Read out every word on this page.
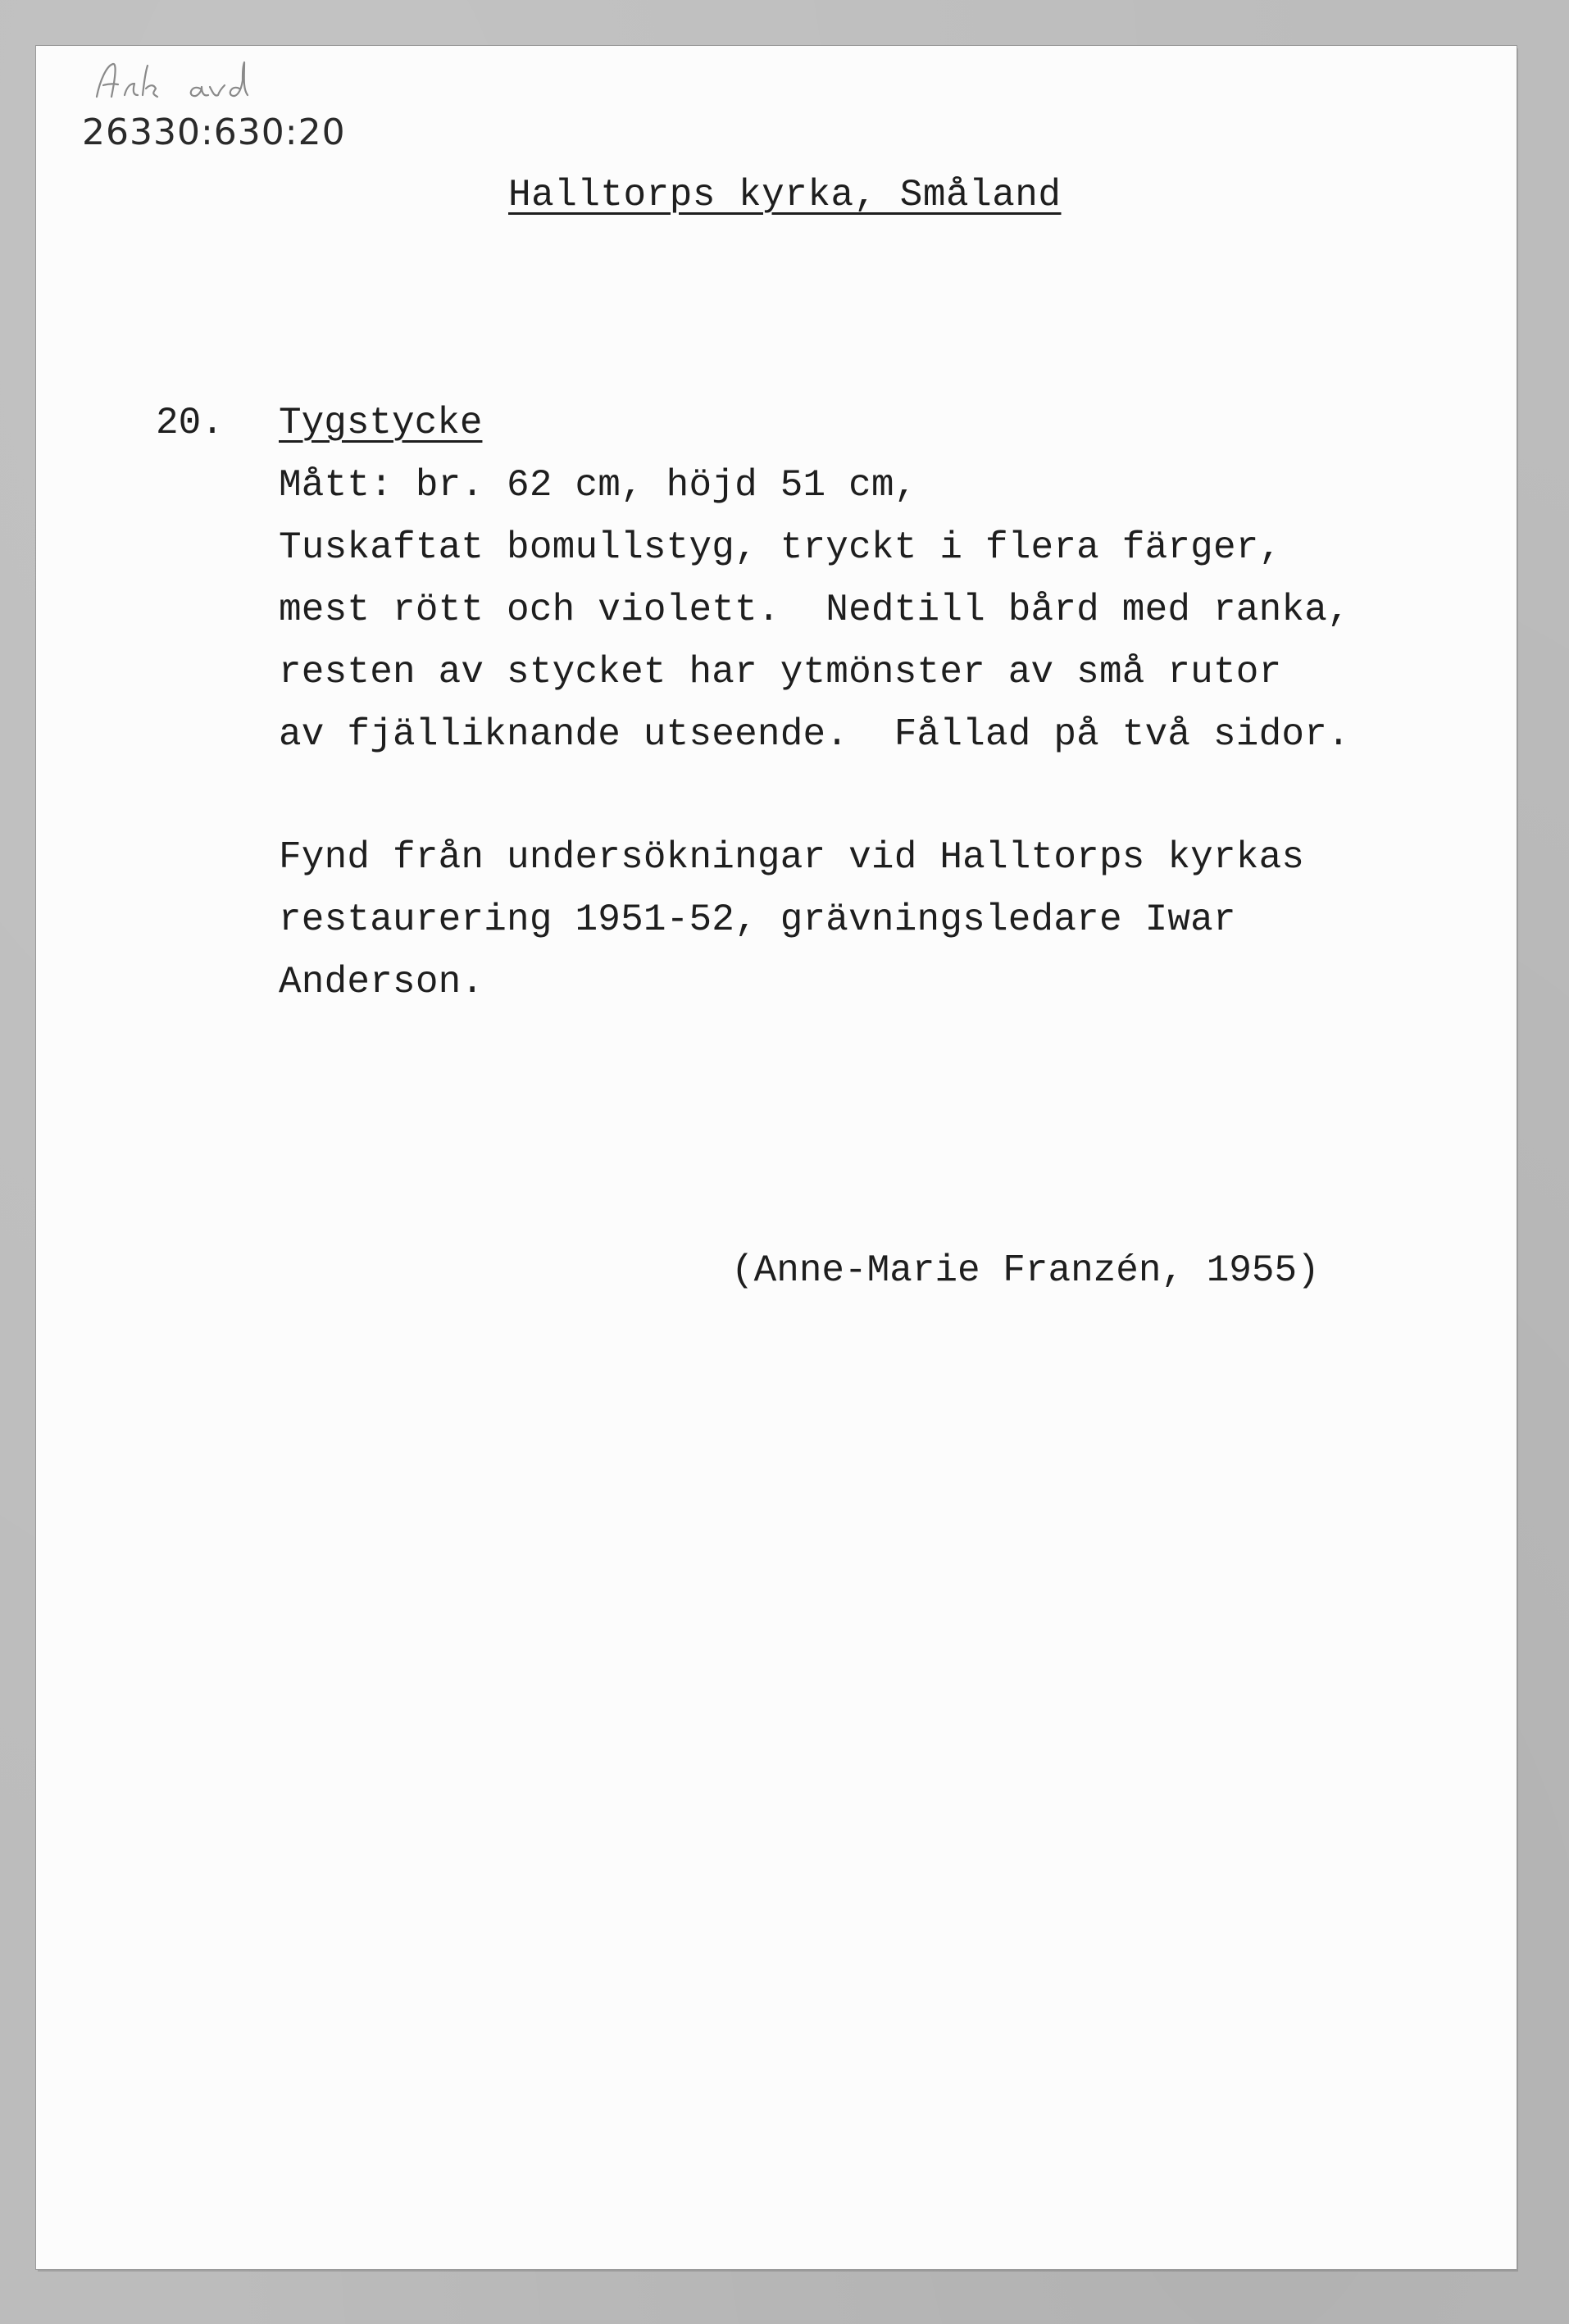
26330:630:20
Halltorps kyrka, Småland
20. Tygstycke
Mått: br. 62 cm, höjd 51 cm,
Tuskaftat bomullstyg, tryckt i flera färger,
mest rött och violett.  Nedtill bård med ranka,
resten av stycket har ytmönster av små rutor
av fjälliknande utseende.  Fållad på två sidor.
Fynd från undersökningar vid Halltorps kyrkas
restaurering 1951-52, grävningsledare Iwar
Anderson.
(Anne-Marie Franzén, 1955)
